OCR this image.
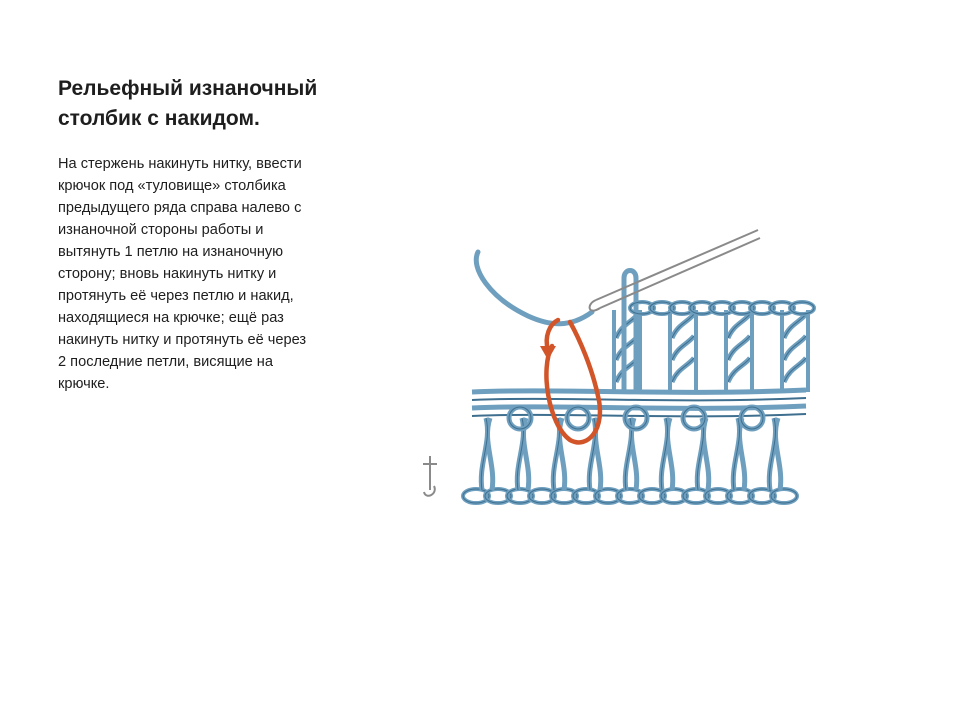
Рельефный изнаночный
столбик с накидом.

На стержень накинуть нитку, ввести
крючок под «туловище» столбика
предыдущего ряда справа налево с
изнаночной стороны работы и
вытянуть 1 петлю на изнаночную
сторону; вновь накинуть нитку и
протянуть её через петлю и накид,
находящиеся на крючке; ещё раз
накинуть нитку и протянуть её через
2 последние петли, висящие на
крючке.
